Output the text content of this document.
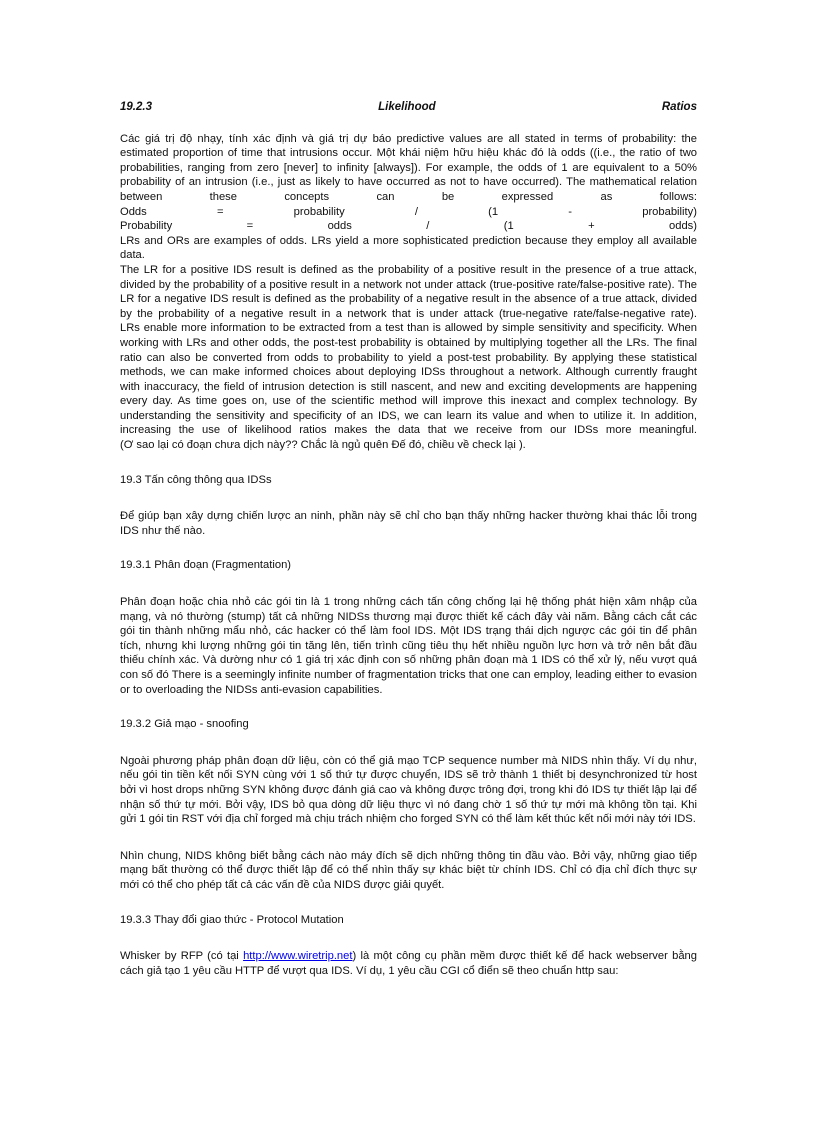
19.2.3	Likelihood	Ratios

Các giá trị độ nhạy, tính xác định và giá trị dự báo predictive values are all stated in terms of probability: the estimated proportion of time that intrusions occur. Một khái niệm hữu hiệu khác đó là odds ((i.e., the ratio of two probabilities, ranging from zero [never] to infinity [always]). For example, the odds of 1 are equivalent to a 50% probability of an intrusion (i.e., just as likely to have occurred as not to have occurred). The mathematical relation between these concepts can be expressed as follows:

Odds	=	probability	/	(1	-	probability)
Probability	=	odds	/	(1	+	odds)

LRs and ORs are examples of odds. LRs yield a more sophisticated prediction because they employ all available data.

The LR for a positive IDS result is defined as the probability of a positive result in the presence of a true attack, divided by the probability of a positive result in a network not under attack (true-positive rate/false-positive rate). The LR for a negative IDS result is defined as the probability of a negative result in the absence of a true attack, divided by the probability of a negative result in a network that is under attack (true-negative rate/false-negative rate).

LRs enable more information to be extracted from a test than is allowed by simple sensitivity and specificity. When working with LRs and other odds, the post-test probability is obtained by multiplying together all the LRs. The final ratio can also be converted from odds to probability to yield a post-test probability. By applying these statistical methods, we can make informed choices about deploying IDSs throughout a network. Although currently fraught with inaccuracy, the field of intrusion detection is still nascent, and new and exciting developments are happening every day. As time goes on, use of the scientific method will improve this inexact and complex technology. By understanding the sensitivity and specificity of an IDS, we can learn its value and when to utilize it. In addition, increasing the use of likelihood ratios makes the data that we receive from our IDSs more meaningful.

(Ơ sao lại có đoạn chưa dịch này?? Chắc là ngủ quên Đế đó, chiều về check lại ).

19.3 Tấn công thông qua IDSs

Để giúp bạn xây dựng chiến lược an ninh, phần này sẽ chỉ cho bạn thấy những hacker thường khai thác lỗi trong IDS như thế nào.

19.3.1 Phân đoạn (Fragmentation)

Phân đoạn hoặc chia nhỏ các gói tin là 1 trong những cách tấn công chống lại hệ thống phát hiện xâm nhập của mạng, và nó thường (stump) tất cả những NIDSs thương mại được thiết kế cách đây vài năm. Bằng cách cắt các gói tin thành những mẩu nhỏ, các hacker có thể làm fool IDS. Một IDS trạng thái dịch ngược các gói tin để phân tích, nhưng khi lượng những gói tin tăng lên, tiến trình cũng tiêu thụ hết nhiều nguồn lực hơn và trở nên bắt đầu thiếu chính xác. Và dường như có 1 giá trị xác định con số những phân đoạn mà 1 IDS có thể xử lý, nếu vượt quá con số đó There is a seemingly infinite number of fragmentation tricks that one can employ, leading either to evasion or to overloading the NIDSs anti-evasion capabilities.

19.3.2 Giả mạo - snoofing

Ngoài phương pháp phân đoạn dữ liệu, còn có thể giả mạo TCP sequence number mà NIDS nhìn thấy. Ví dụ như, nếu gói tin tiền kết nối SYN cùng với 1 số thứ tự được chuyển, IDS sẽ trở thành 1 thiết bị desynchronized từ host bởi vì host drops những SYN không được đánh giá cao và không được trông đợi, trong khi đó IDS tự thiết lập lại để nhận số thứ tự mới. Bởi vậy, IDS bỏ qua dòng dữ liệu thực vì nó đang chờ 1 số thứ tự mới mà không tồn tại. Khi gửi 1 gói tin RST với địa chỉ forged mà chịu trách nhiệm cho forged SYN có thể làm kết thúc kết nối mới này tới IDS.

Nhìn chung, NIDS không biết bằng cách nào máy đích sẽ dịch những thông tin đầu vào. Bởi vậy, những giao tiếp mạng bất thường có thể được thiết lập để có thể nhìn thấy sự khác biệt từ chính IDS. Chỉ có địa chỉ đích thực sự mới có thể cho phép tất cả các vấn đề của NIDS được giải quyết.

19.3.3 Thay đổi giao thức - Protocol Mutation

Whisker by RFP (có tại http://www.wiretrip.net) là một công cụ phần mềm được thiết kế để hack webserver bằng cách giả tạo 1 yêu cầu HTTP để vượt qua IDS. Ví dụ, 1 yêu cầu CGI cổ điển sẽ theo chuẩn http sau:
